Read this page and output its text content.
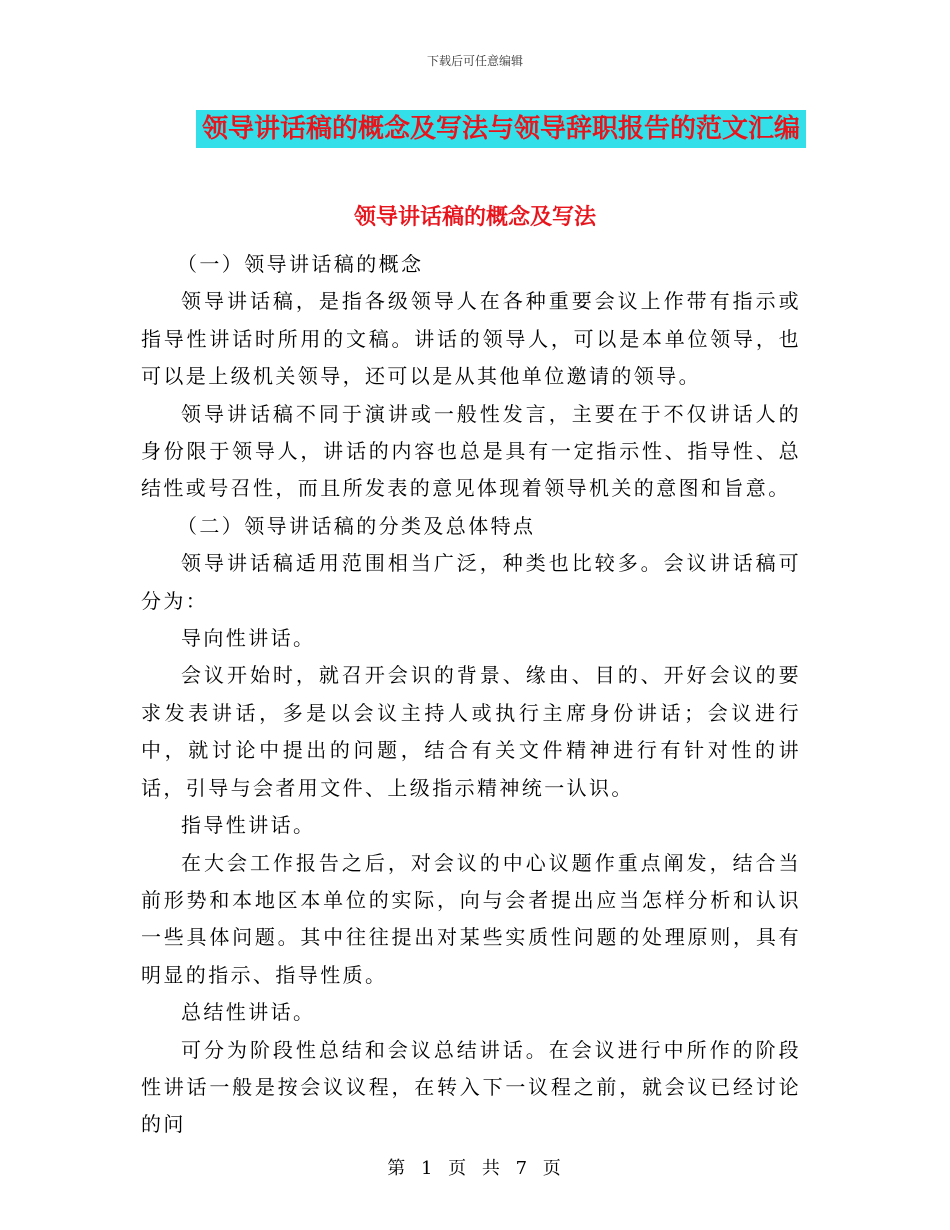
下载后可任意编辑
领导讲话稿的概念及写法与领导辞职报告的范文汇编
领导讲话稿的概念及写法

（一）领导讲话稿的概念

领导讲话稿，是指各级领导人在各种重要会议上作带有指示或指导性讲话时所用的文稿。讲话的领导人，可以是本单位领导，也可以是上级机关领导，还可以是从其他单位邀请的领导。

领导讲话稿不同于演讲或一般性发言，主要在于不仅讲话人的身份限于领导人，讲话的内容也总是具有一定指示性、指导性、总结性或号召性，而且所发表的意见体现着领导机关的意图和旨意。

（二）领导讲话稿的分类及总体特点

领导讲话稿适用范围相当广泛，种类也比较多。会议讲话稿可分为：

导向性讲话。

会议开始时，就召开会识的背景、缘由、目的、开好会议的要求发表讲话，多是以会议主持人或执行主席身份讲话；会议进行中，就讨论中提出的问题，结合有关文件精神进行有针对性的讲话，引导与会者用文件、上级指示精神统一认识。

指导性讲话。

在大会工作报告之后，对会议的中心议题作重点阐发，结合当前形势和本地区本单位的实际，向与会者提出应当怎样分析和认识一些具体问题。其中往往提出对某些实质性问题的处理原则，具有明显的指示、指导性质。

总结性讲话。

可分为阶段性总结和会议总结讲话。在会议进行中所作的阶段性讲话一般是按会议议程，在转入下一议程之前，就会议已经讨论的问

第 1 页 共 7 页
